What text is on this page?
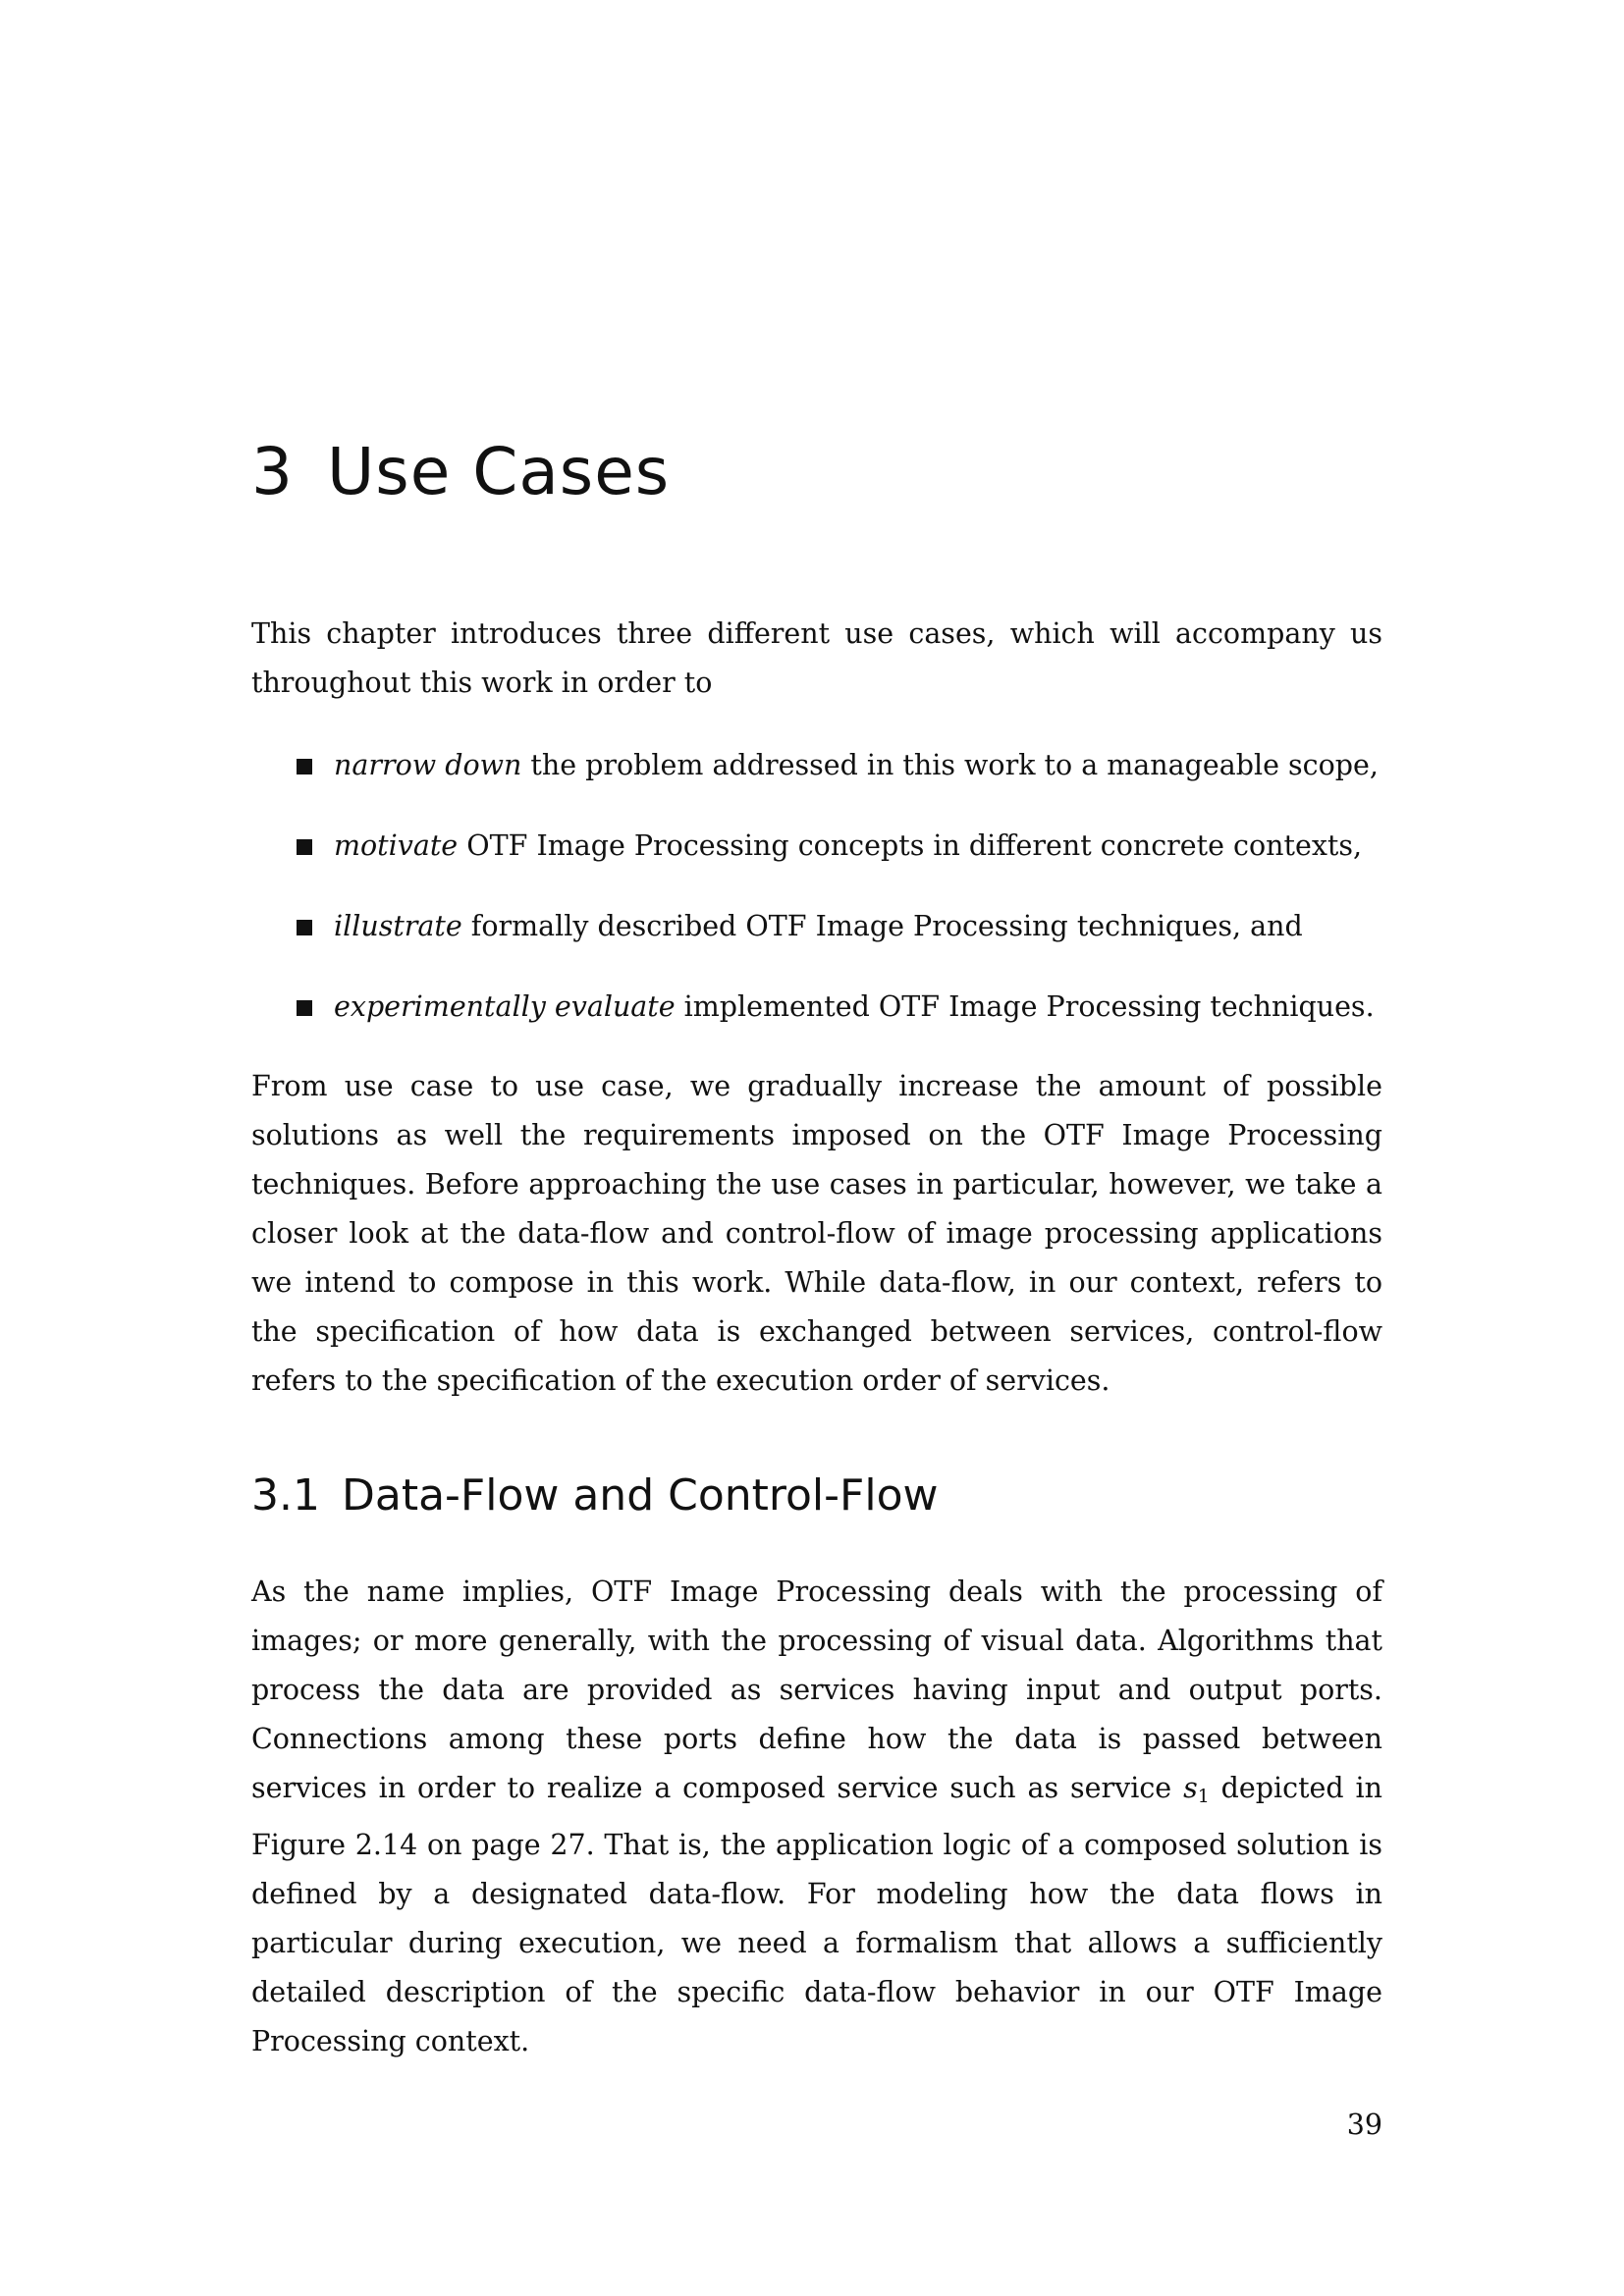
3 Use Cases

This chapter introduces three different use cases, which will accompany us throughout this work in order to

narrow down the problem addressed in this work to a manageable scope,
motivate OTF Image Processing concepts in different concrete contexts,
illustrate formally described OTF Image Processing techniques, and
experimentally evaluate implemented OTF Image Processing techniques.

From use case to use case, we gradually increase the amount of possible solutions as well the requirements imposed on the OTF Image Processing techniques. Before approaching the use cases in particular, however, we take a closer look at the data-flow and control-flow of image processing applications we intend to compose in this work. While data-flow, in our context, refers to the specification of how data is exchanged between services, control-flow refers to the specification of the execution order of services.

3.1 Data-Flow and Control-Flow

As the name implies, OTF Image Processing deals with the processing of images; or more generally, with the processing of visual data. Algorithms that process the data are provided as services having input and output ports. Connections among these ports define how the data is passed between services in order to realize a composed service such as service s1 depicted in Figure 2.14 on page 27. That is, the application logic of a composed solution is defined by a designated data-flow. For modeling how the data flows in particular during execution, we need a formalism that allows a sufficiently detailed description of the specific data-flow behavior in our OTF Image Processing context.

39
